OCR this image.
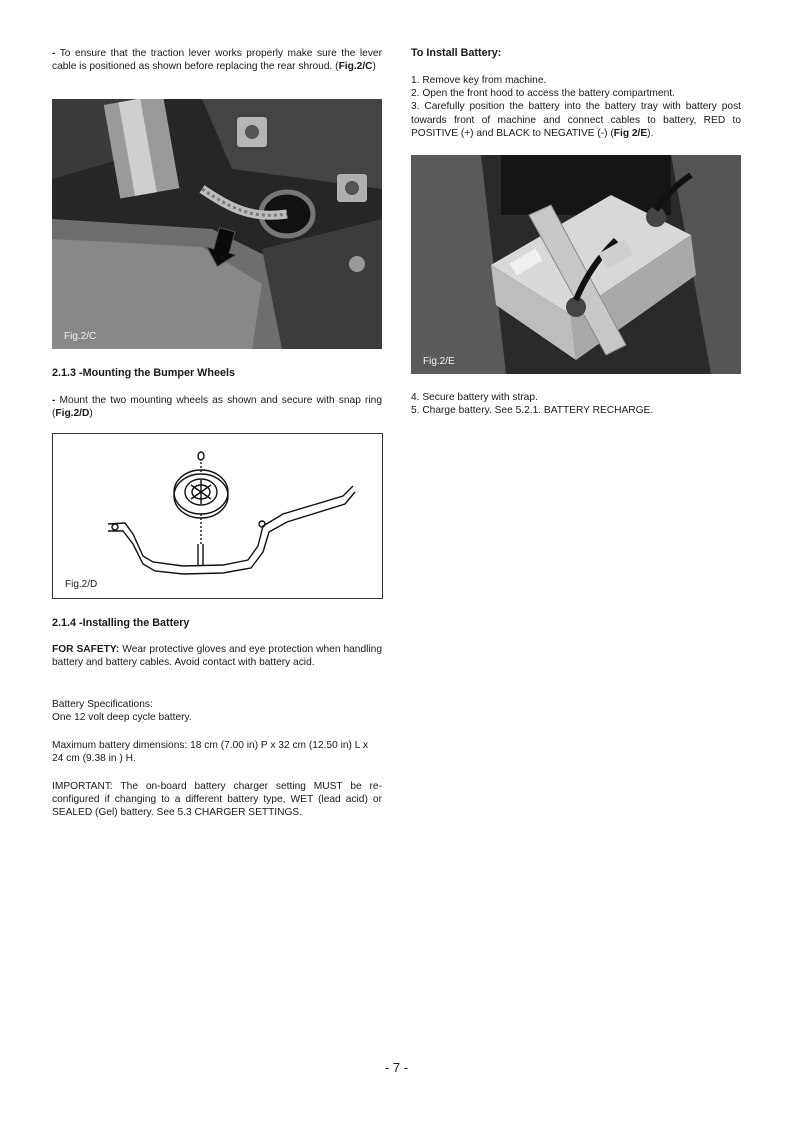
- To ensure that the traction lever works properly make sure the lever cable is positioned as shown before replacing the rear shroud. (Fig.2/C)

Fig.2/C
2.1.3 -Mounting the Bumper Wheels

- Mount the two mounting wheels as shown and secure with snap ring (Fig.2/D)

Fig.2/D
2.1.4 -Installing the Battery

FOR SAFETY: Wear protective gloves and eye protection when handling battery and battery cables. Avoid contact with battery acid.

Battery Specifications:

One 12 volt deep cycle battery.

Maximum battery dimensions: 18 cm (7.00 in) P x 32 cm (12.50 in) L x 24 cm (9.38 in ) H.
IMPORTANT: The on-board battery charger setting MUST be re-configured if changing to a different battery type, WET (lead acid) or SEALED (Gel) battery. See 5.3 CHARGER SETTINGS.
To Install Battery:

1. Remove key from machine.

2. Open the front hood to access the battery compartment.

3. Carefully position the battery into the battery tray with battery post towards front of machine and connect cables to battery, RED to POSITIVE (+) and BLACK to NEGATIVE (-) (Fig 2/E).

Fig.2/E

4. Secure battery with strap.

5. Charge battery. See 5.2.1. BATTERY RECHARGE.

- 7 -
